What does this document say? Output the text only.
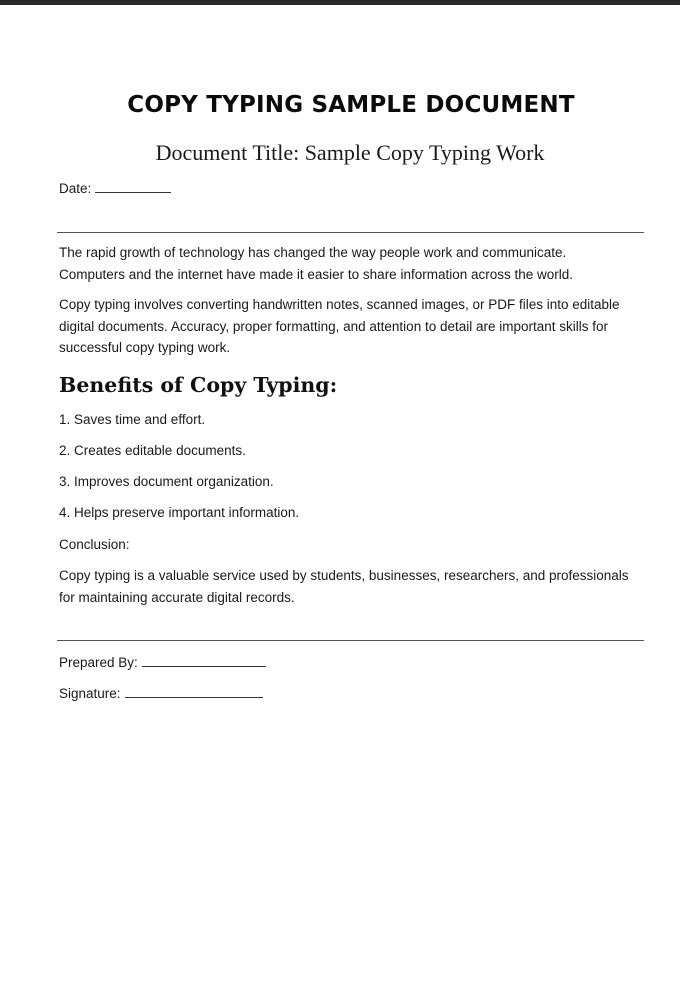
COPY TYPING SAMPLE DOCUMENT
Document Title: Sample Copy Typing Work
Date:

The rapid growth of technology has changed the way people work and communicate. Computers and the internet have made it easier to share information across the world.

Copy typing involves converting handwritten notes, scanned images, or PDF files into editable digital documents. Accuracy, proper formatting, and attention to detail are important skills for successful copy typing work.

Benefits of Copy Typing:
1. Saves time and effort.
2. Creates editable documents.
3. Improves document organization.
4. Helps preserve important information.
Conclusion:

Copy typing is a valuable service used by students, businesses, researchers, and professionals for maintaining accurate digital records.

Prepared By:
Signature:
